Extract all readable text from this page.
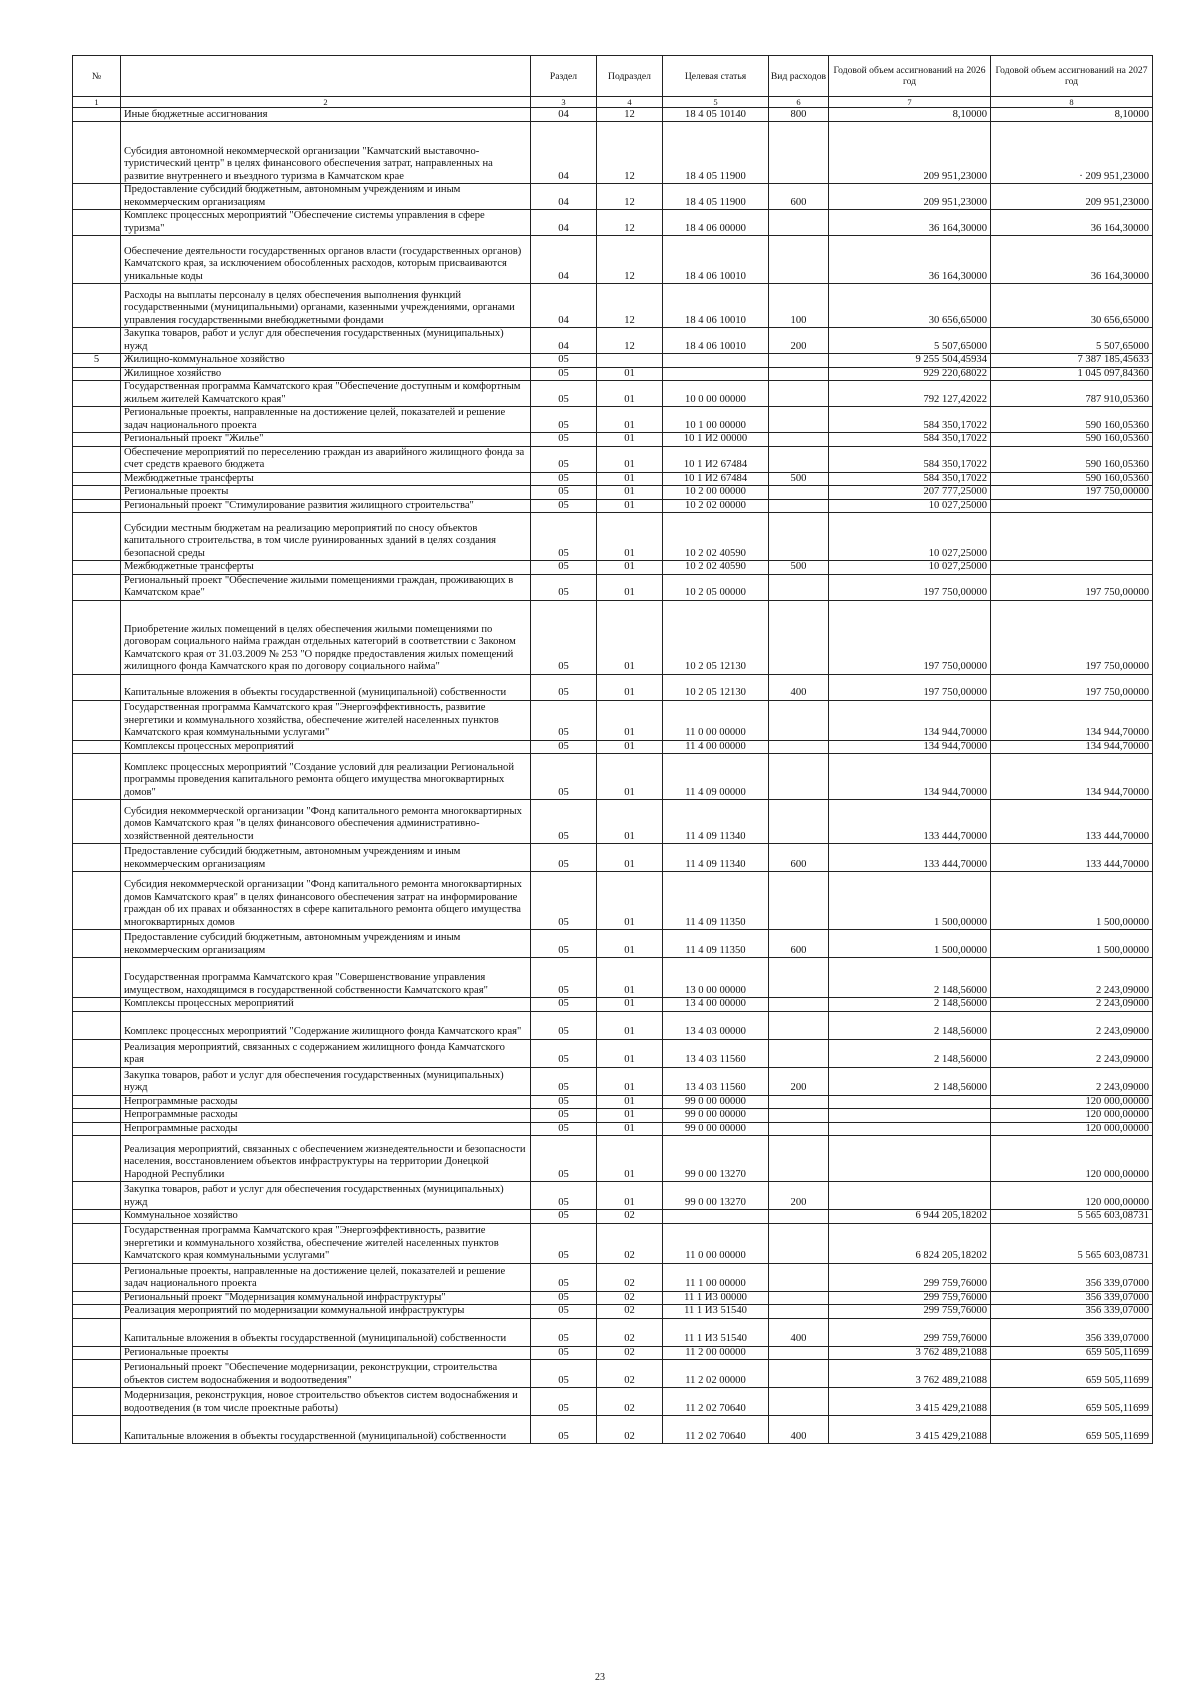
№		Раздел	Подраздел	Целевая статья	Вид расходов	Годовой объем ассигнований на 2026 год	Годовой объем ассигнований на 2027 год
1	2	3	4	5	6	7	8
	Иные бюджетные ассигнования	04	12	18 4 05 10140	800	8,10000	8,10000
	Субсидия автономной некоммерческой организации "Камчатский выставочно-туристический центр" в целях финансового обеспечения затрат, направленных на развитие внутреннего и въездного туризма в Камчатском крае	04	12	18 4 05 11900		209 951,23000	· 209 951,23000
	Предоставление субсидий бюджетным, автономным учреждениям и иным некоммерческим организациям	04	12	18 4 05 11900	600	209 951,23000	209 951,23000
	Комплекс процессных мероприятий "Обеспечение системы управления в сфере туризма"	04	12	18 4 06 00000		36 164,30000	36 164,30000
	Обеспечение деятельности государственных органов власти (государственных органов) Камчатского края, за исключением обособленных расходов, которым присваиваются уникальные коды	04	12	18 4 06 10010		36 164,30000	36 164,30000
	Расходы на выплаты персоналу в целях обеспечения выполнения функций государственными (муниципальными) органами, казенными учреждениями, органами управления государственными внебюджетными фондами	04	12	18 4 06 10010	100	30 656,65000	30 656,65000
	Закупка товаров, работ и услуг для обеспечения государственных (муниципальных) нужд	04	12	18 4 06 10010	200	5 507,65000	5 507,65000
5	Жилищно-коммунальное хозяйство	05				9 255 504,45934	7 387 185,45633
	Жилищное хозяйство	05	01			929 220,68022	1 045 097,84360
	Государственная программа Камчатского края "Обеспечение доступным и комфортным жильем жителей Камчатского края"	05	01	10 0 00 00000		792 127,42022	787 910,05360
	Региональные проекты, направленные на достижение целей, показателей и решение задач национального проекта	05	01	10 1 00 00000		584 350,17022	590 160,05360
	Региональный проект "Жилье"	05	01	10 1 И2 00000		584 350,17022	590 160,05360
	Обеспечение мероприятий по переселению граждан из аварийного жилищного фонда за счет средств краевого бюджета	05	01	10 1 И2 67484		584 350,17022	590 160,05360
	Межбюджетные трансферты	05	01	10 1 И2 67484	500	584 350,17022	590 160,05360
	Региональные проекты	05	01	10 2 00 00000		207 777,25000	197 750,00000
	Региональный проект "Стимулирование развития жилищного строительства"	05	01	10 2 02 00000		10 027,25000	
	Субсидии местным бюджетам на реализацию мероприятий по сносу объектов капитального строительства, в том числе руинированных зданий в целях создания безопасной среды	05	01	10 2 02 40590		10 027,25000	
	Межбюджетные трансферты	05	01	10 2 02 40590	500	10 027,25000	
	Региональный проект "Обеспечение жилыми помещениями граждан, проживающих в Камчатском крае"	05	01	10 2 05 00000		197 750,00000	197 750,00000
	Приобретение жилых помещений в целях обеспечения жилыми помещениями по договорам социального найма граждан отдельных категорий в соответствии с Законом Камчатского края от 31.03.2009 № 253 "О порядке предоставления жилых помещений жилищного фонда Камчатского края по договору социального найма"	05	01	10 2 05 12130		197 750,00000	197 750,00000
	Капитальные вложения в объекты государственной (муниципальной) собственности	05	01	10 2 05 12130	400	197 750,00000	197 750,00000
	Государственная программа Камчатского края "Энергоэффективность, развитие энергетики и коммунального хозяйства, обеспечение жителей населенных пунктов Камчатского края коммунальными услугами"	05	01	11 0 00 00000		134 944,70000	134 944,70000
	Комплексы процессных мероприятий	05	01	11 4 00 00000		134 944,70000	134 944,70000
	Комплекс процессных мероприятий "Создание условий для реализации Региональной программы проведения капитального ремонта общего имущества многоквартирных домов"	05	01	11 4 09 00000		134 944,70000	134 944,70000
	Субсидия некоммерческой организации "Фонд капитального ремонта многоквартирных домов Камчатского края "в целях финансового обеспечения административно-хозяйственной деятельности	05	01	11 4 09 11340		133 444,70000	133 444,70000
	Предоставление субсидий бюджетным, автономным учреждениям и иным некоммерческим организациям	05	01	11 4 09 11340	600	133 444,70000	133 444,70000
	Субсидия некоммерческой организации "Фонд капитального ремонта многоквартирных домов Камчатского края" в целях финансового обеспечения затрат на информирование граждан об их правах и обязанностях в сфере капитального ремонта общего имущества многоквартирных домов	05	01	11 4 09 11350		1 500,00000	1 500,00000
	Предоставление субсидий бюджетным, автономным учреждениям и иным некоммерческим организациям	05	01	11 4 09 11350	600	1 500,00000	1 500,00000
	Государственная программа Камчатского края "Совершенствование управления имуществом, находящимся в государственной собственности Камчатского края"	05	01	13 0 00 00000		2 148,56000	2 243,09000
	Комплексы процессных мероприятий	05	01	13 4 00 00000		2 148,56000	2 243,09000
	Комплекс процессных мероприятий "Содержание жилищного фонда Камчатского края"	05	01	13 4 03 00000		2 148,56000	2 243,09000
	Реализация мероприятий, связанных с содержанием жилищного фонда Камчатского края	05	01	13 4 03 11560		2 148,56000	2 243,09000
	Закупка товаров, работ и услуг для обеспечения государственных (муниципальных) нужд	05	01	13 4 03 11560	200	2 148,56000	2 243,09000
	Непрограммные расходы	05	01	99 0 00 00000			120 000,00000
	Непрограммные расходы	05	01	99 0 00 00000			120 000,00000
	Непрограммные расходы	05	01	99 0 00 00000			120 000,00000
	Реализация мероприятий, связанных с обеспечением жизнедеятельности и безопасности населения, восстановлением объектов инфраструктуры на территории Донецкой Народной Республики	05	01	99 0 00 13270			120 000,00000
	Закупка товаров, работ и услуг для обеспечения государственных (муниципальных) нужд	05	01	99 0 00 13270	200		120 000,00000
	Коммунальное хозяйство	05	02			6 944 205,18202	5 565 603,08731
	Государственная программа Камчатского края "Энергоэффективность, развитие энергетики и коммунального хозяйства, обеспечение жителей населенных пунктов Камчатского края коммунальными услугами"	05	02	11 0 00 00000		6 824 205,18202	5 565 603,08731
	Региональные проекты, направленные на достижение целей, показателей и решение задач национального проекта	05	02	11 1 00 00000		299 759,76000	356 339,07000
	Региональный проект "Модернизация коммунальной инфраструктуры"	05	02	11 1 И3 00000		299 759,76000	356 339,07000
	Реализация мероприятий по модернизации коммунальной инфраструктуры	05	02	11 1 И3 51540		299 759,76000	356 339,07000
	Капитальные вложения в объекты государственной (муниципальной) собственности	05	02	11 1 И3 51540	400	299 759,76000	356 339,07000
	Региональные проекты	05	02	11 2 00 00000		3 762 489,21088	659 505,11699
	Региональный проект "Обеспечение модернизации, реконструкции, строительства объектов систем водоснабжения и водоотведения"	05	02	11 2 02 00000		3 762 489,21088	659 505,11699
	Модернизация, реконструкция, новое строительство объектов систем водоснабжения и водоотведения (в том числе проектные работы)	05	02	11 2 02 70640		3 415 429,21088	659 505,11699
	Капитальные вложения в объекты государственной (муниципальной) собственности	05	02	11 2 02 70640	400	3 415 429,21088	659 505,11699
23
